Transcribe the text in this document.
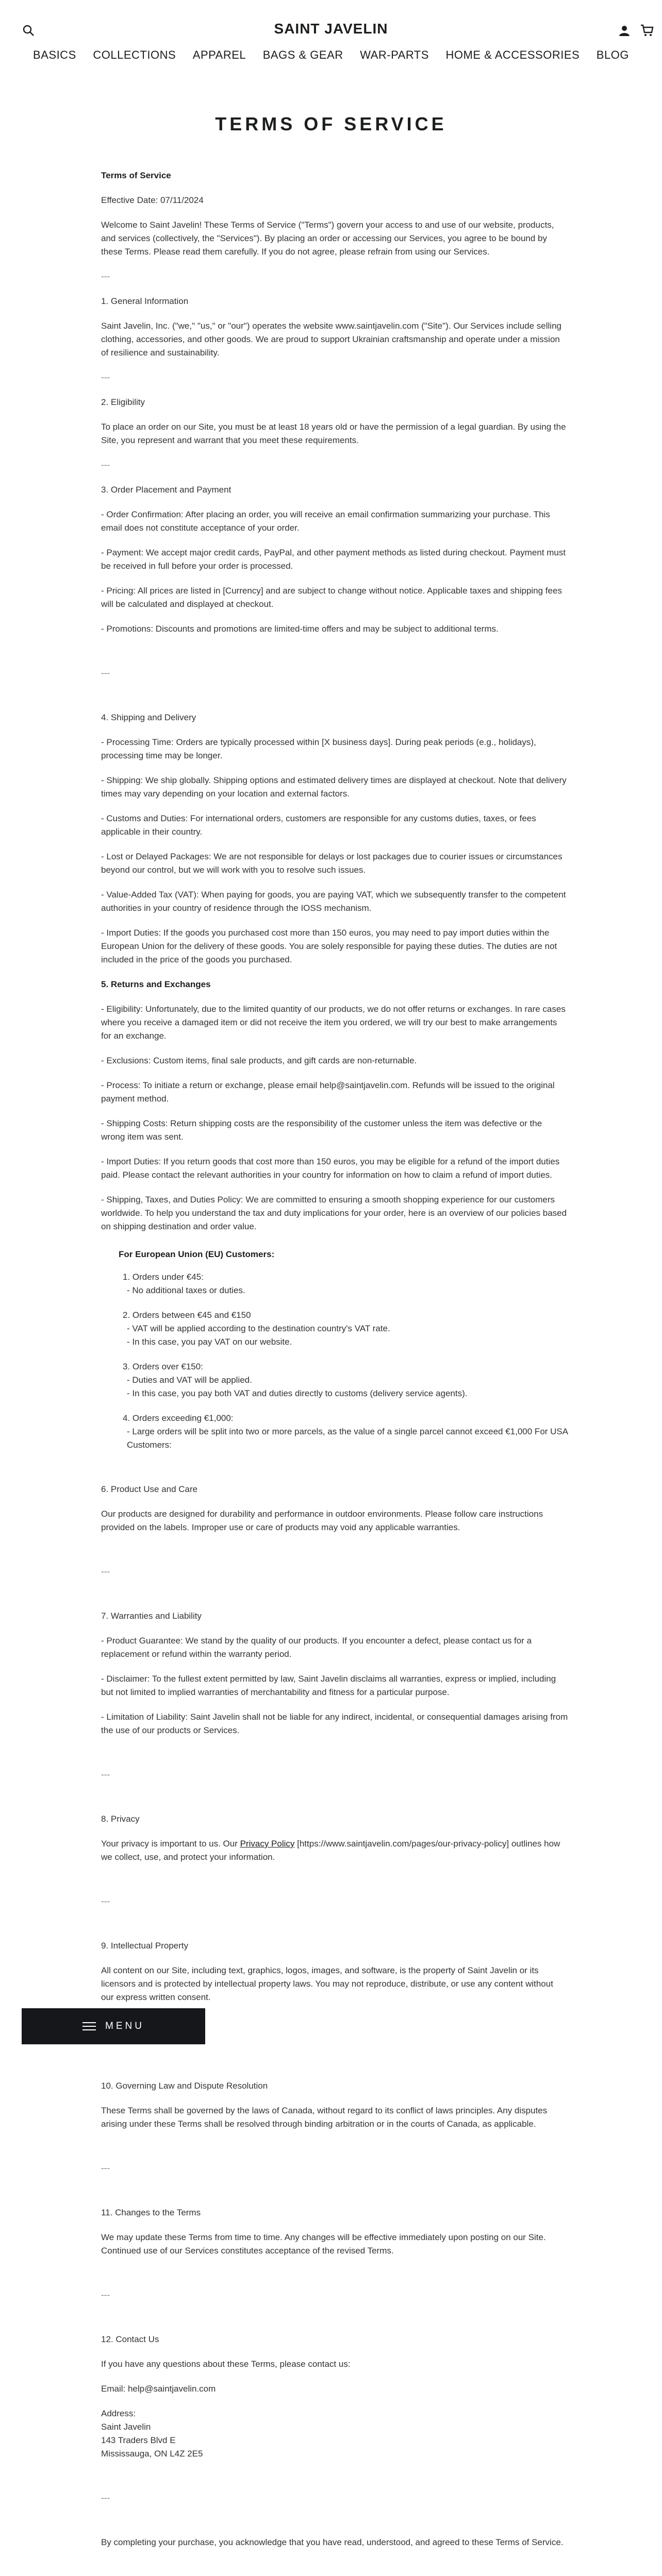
SAINT JAVELIN
BASICS COLLECTIONS APPAREL BAGS & GEAR WAR-PARTS HOME & ACCESSORIES BLOG
TERMS OF SERVICE

Terms of Service

Effective Date: 07/11/2024

Welcome to Saint Javelin! These Terms of Service ("Terms") govern your access to and use of our website, products, and services (collectively, the "Services"). By placing an order or accessing our Services, you agree to be bound by these Terms. Please read them carefully. If you do not agree, please refrain from using our Services.

---

1. General Information

Saint Javelin, Inc. ("we," "us," or "our") operates the website www.saintjavelin.com ("Site"). Our Services include selling clothing, accessories, and other goods. We are proud to support Ukrainian craftsmanship and operate under a mission of resilience and sustainability.

---

2. Eligibility

To place an order on our Site, you must be at least 18 years old or have the permission of a legal guardian. By using the Site, you represent and warrant that you meet these requirements.

---

3. Order Placement and Payment

- Order Confirmation: After placing an order, you will receive an email confirmation summarizing your purchase. This email does not constitute acceptance of your order.

- Payment: We accept major credit cards, PayPal, and other payment methods as listed during checkout. Payment must be received in full before your order is processed.

- Pricing: All prices are listed in [Currency] and are subject to change without notice. Applicable taxes and shipping fees will be calculated and displayed at checkout.

- Promotions: Discounts and promotions are limited-time offers and may be subject to additional terms.

---

4. Shipping and Delivery

- Processing Time: Orders are typically processed within [X business days]. During peak periods (e.g., holidays), processing time may be longer.

- Shipping: We ship globally. Shipping options and estimated delivery times are displayed at checkout. Note that delivery times may vary depending on your location and external factors.

- Customs and Duties: For international orders, customers are responsible for any customs duties, taxes, or fees applicable in their country.

- Lost or Delayed Packages: We are not responsible for delays or lost packages due to courier issues or circumstances beyond our control, but we will work with you to resolve such issues.

- Value-Added Tax (VAT): When paying for goods, you are paying VAT, which we subsequently transfer to the competent authorities in your country of residence through the IOSS mechanism.

- Import Duties: If the goods you purchased cost more than 150 euros, you may need to pay import duties within the European Union for the delivery of these goods. You are solely responsible for paying these duties. The duties are not included in the price of the goods you purchased.

5. Returns and Exchanges

- Eligibility: Unfortunately, due to the limited quantity of our products, we do not offer returns or exchanges. In rare cases where you receive a damaged item or did not receive the item you ordered, we will try our best to make arrangements for an exchange.

- Exclusions: Custom items, final sale products, and gift cards are non-returnable.

- Process: To initiate a return or exchange, please email help@saintjavelin.com. Refunds will be issued to the original payment method.

- Shipping Costs: Return shipping costs are the responsibility of the customer unless the item was defective or the wrong item was sent.

- Import Duties: If you return goods that cost more than 150 euros, you may be eligible for a refund of the import duties paid. Please contact the relevant authorities in your country for information on how to claim a refund of import duties.

- Shipping, Taxes, and Duties Policy: We are committed to ensuring a smooth shopping experience for our customers worldwide. To help you understand the tax and duty implications for your order, here is an overview of our policies based on shipping destination and order value.

For European Union (EU) Customers:

1. Orders under €45:

- No additional taxes or duties.

2. Orders between €45 and €150

- VAT will be applied according to the destination country's VAT rate.

- In this case, you pay VAT on our website.

3. Orders over €150:

- Duties and VAT will be applied.

- In this case, you pay both VAT and duties directly to customs (delivery service agents).

4. Orders exceeding €1,000:

- Large orders will be split into two or more parcels, as the value of a single parcel cannot exceed €1,000 For USA Customers:

6. Product Use and Care

Our products are designed for durability and performance in outdoor environments. Please follow care instructions provided on the labels. Improper use or care of products may void any applicable warranties.

---

7. Warranties and Liability

- Product Guarantee: We stand by the quality of our products. If you encounter a defect, please contact us for a replacement or refund within the warranty period.

- Disclaimer: To the fullest extent permitted by law, Saint Javelin disclaims all warranties, express or implied, including but not limited to implied warranties of merchantability and fitness for a particular purpose.

- Limitation of Liability: Saint Javelin shall not be liable for any indirect, incidental, or consequential damages arising from the use of our products or Services.

---

8. Privacy

Your privacy is important to us. Our Privacy Policy [https://www.saintjavelin.com/pages/our-privacy-policy] outlines how we collect, use, and protect your information.

---

9. Intellectual Property

All content on our Site, including text, graphics, logos, images, and software, is the property of Saint Javelin or its licensors and is protected by intellectual property laws. You may not reproduce, distribute, or use any content without our express written consent.

10. Governing Law and Dispute Resolution

These Terms shall be governed by the laws of Canada, without regard to its conflict of laws principles. Any disputes arising under these Terms shall be resolved through binding arbitration or in the courts of Canada, as applicable.

---

11. Changes to the Terms

We may update these Terms from time to time. Any changes will be effective immediately upon posting on our Site. Continued use of our Services constitutes acceptance of the revised Terms.

---

12. Contact Us

If you have any questions about these Terms, please contact us:

Email: help@saintjavelin.com

Address:

Saint Javelin

143 Traders Blvd E

Mississauga, ON L4Z 2E5

---

By completing your purchase, you acknowledge that you have read, understood, and agreed to these Terms of Service.

MENU
